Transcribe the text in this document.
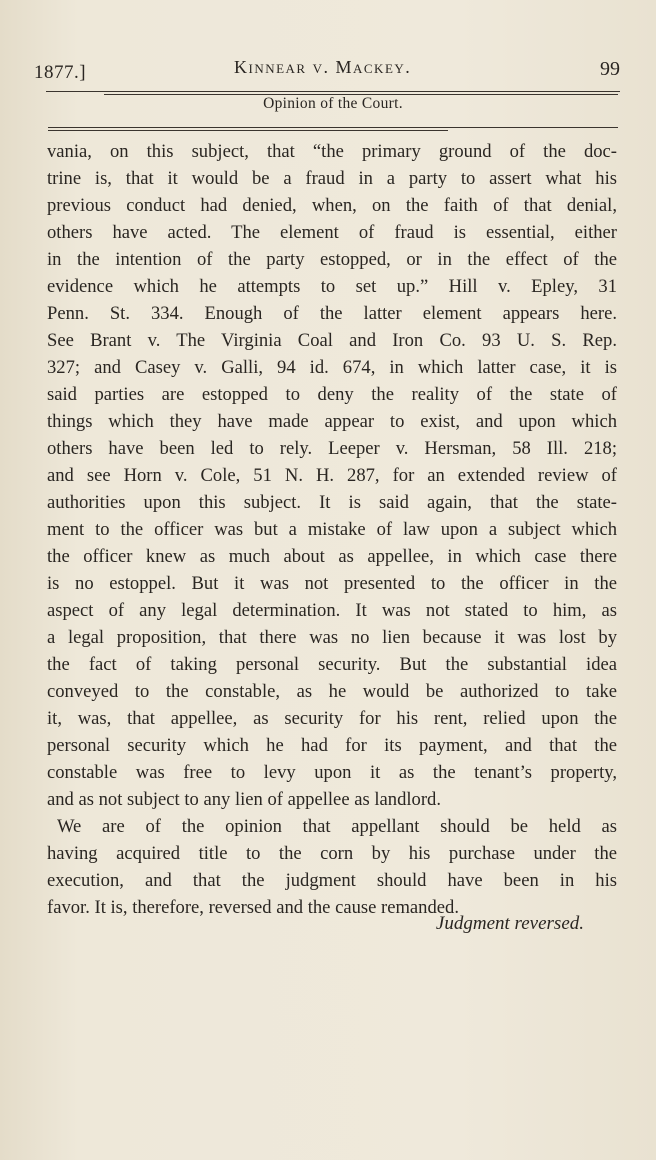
1877.]	Kinnear v. Mackey.	99
Opinion of the Court.
vania, on this subject, that “the primary ground of the doc-
trine is, that it would be a fraud in a party to assert what his
previous conduct had denied, when, on the faith of that denial,
others have acted. The element of fraud is essential, either
in the intention of the party estopped, or in the effect of the
evidence which he attempts to set up.” Hill v. Epley, 31
Penn. St. 334. Enough of the latter element appears here.
See Brant v. The Virginia Coal and Iron Co. 93 U. S. Rep.
327; and Casey v. Galli, 94 id. 674, in which latter case, it is
said parties are estopped to deny the reality of the state of
things which they have made appear to exist, and upon which
others have been led to rely. Leeper v. Hersman, 58 Ill. 218;
and see Horn v. Cole, 51 N. H. 287, for an extended review of
authorities upon this subject. It is said again, that the state-
ment to the officer was but a mistake of law upon a subject which
the officer knew as much about as appellee, in which case there
is no estoppel. But it was not presented to the officer in the
aspect of any legal determination. It was not stated to him, as
a legal proposition, that there was no lien because it was lost by
the fact of taking personal security. But the substantial idea
conveyed to the constable, as he would be authorized to take
it, was, that appellee, as security for his rent, relied upon the
personal security which he had for its payment, and that the
constable was free to levy upon it as the tenant’s property,
and as not subject to any lien of appellee as landlord.
We are of the opinion that appellant should be held as
having acquired title to the corn by his purchase under the
execution, and that the judgment should have been in his
favor. It is, therefore, reversed and the cause remanded.
Judgment reversed.
